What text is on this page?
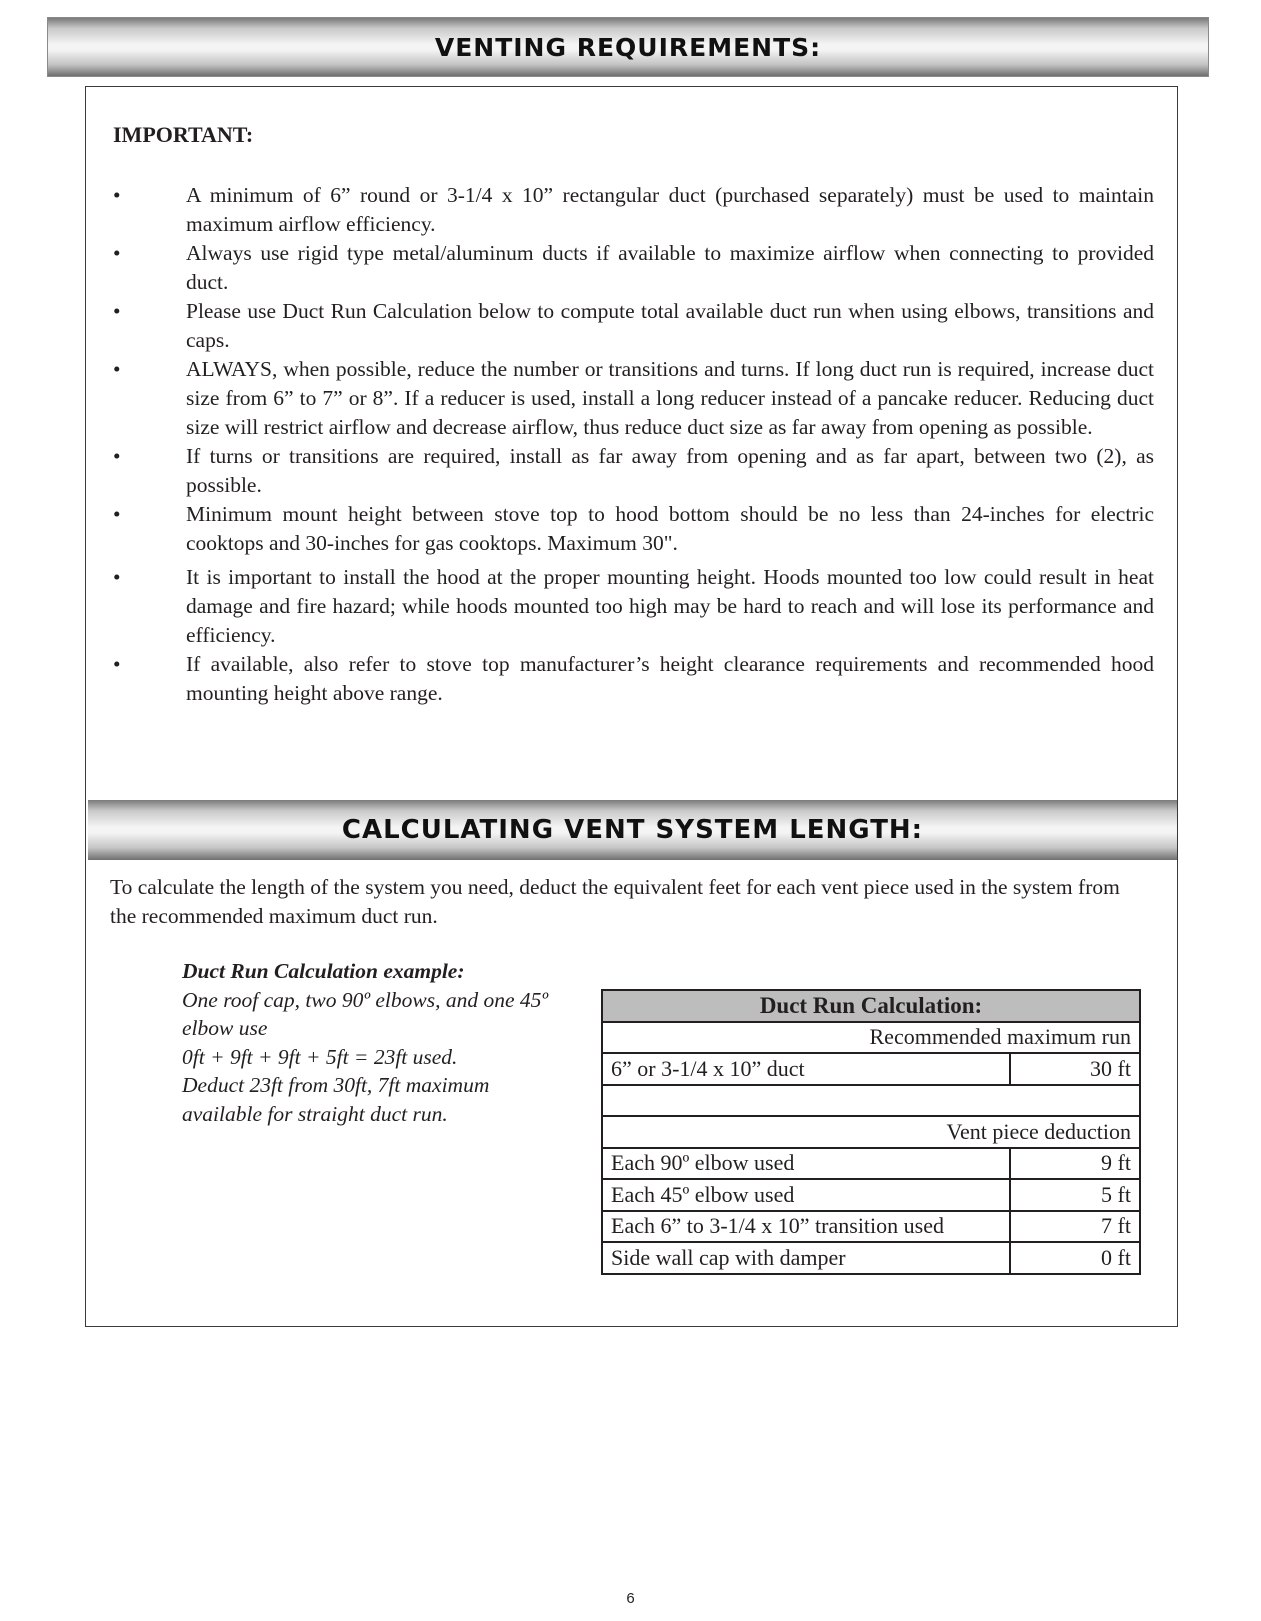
VENTING REQUIREMENTS:

IMPORTANT:

•	A minimum of 6” round or 3-1/4 x 10” rectangular duct (purchased separately) must be used to maintain maximum airflow efficiency.
•	Always use rigid type metal/aluminum ducts if available to maximize airflow when connecting to provided duct.
•	Please use Duct Run Calculation below to compute total available duct run when using elbows, transitions and caps.
•	ALWAYS, when possible, reduce the number or transitions and turns. If long duct run is required, increase duct size from 6” to 7” or 8”. If a reducer is used, install a long reducer instead of a pancake reducer. Reducing duct size will restrict airflow and decrease airflow, thus reduce duct size as far away from opening as possible.
•	If turns or transitions are required, install as far away from opening and as far apart, between two (2), as possible.
•	Minimum mount height between stove top to hood bottom should be no less than 24-inches for electric cooktops and 30-inches for gas cooktops. Maximum 30".
•	It is important to install the hood at the proper mounting height. Hoods mounted too low could result in heat damage and fire hazard; while hoods mounted too high may be hard to reach and will lose its performance and efficiency.
•	If available, also refer to stove top manufacturer’s height clearance requirements and recommended hood mounting height above range.
CALCULATING VENT SYSTEM LENGTH:

To calculate the length of the system you need, deduct the equivalent feet for each vent piece used in the system from the recommended maximum duct run.

Duct Run Calculation example:
One roof cap, two 90º elbows, and one 45º
elbow use
0ft + 9ft + 9ft + 5ft = 23ft used.
Deduct 23ft from 30ft, 7ft maximum
available for straight duct run.
Duct Run Calculation:	
Recommended maximum run	
6” or 3-1/4 x 10” duct	30 ft

Vent piece deduction	
Each 90º elbow used	9 ft
Each 45º elbow used	5 ft
Each 6” to 3-1/4 x 10” transition used	7 ft
Side wall cap with damper	0 ft
6
